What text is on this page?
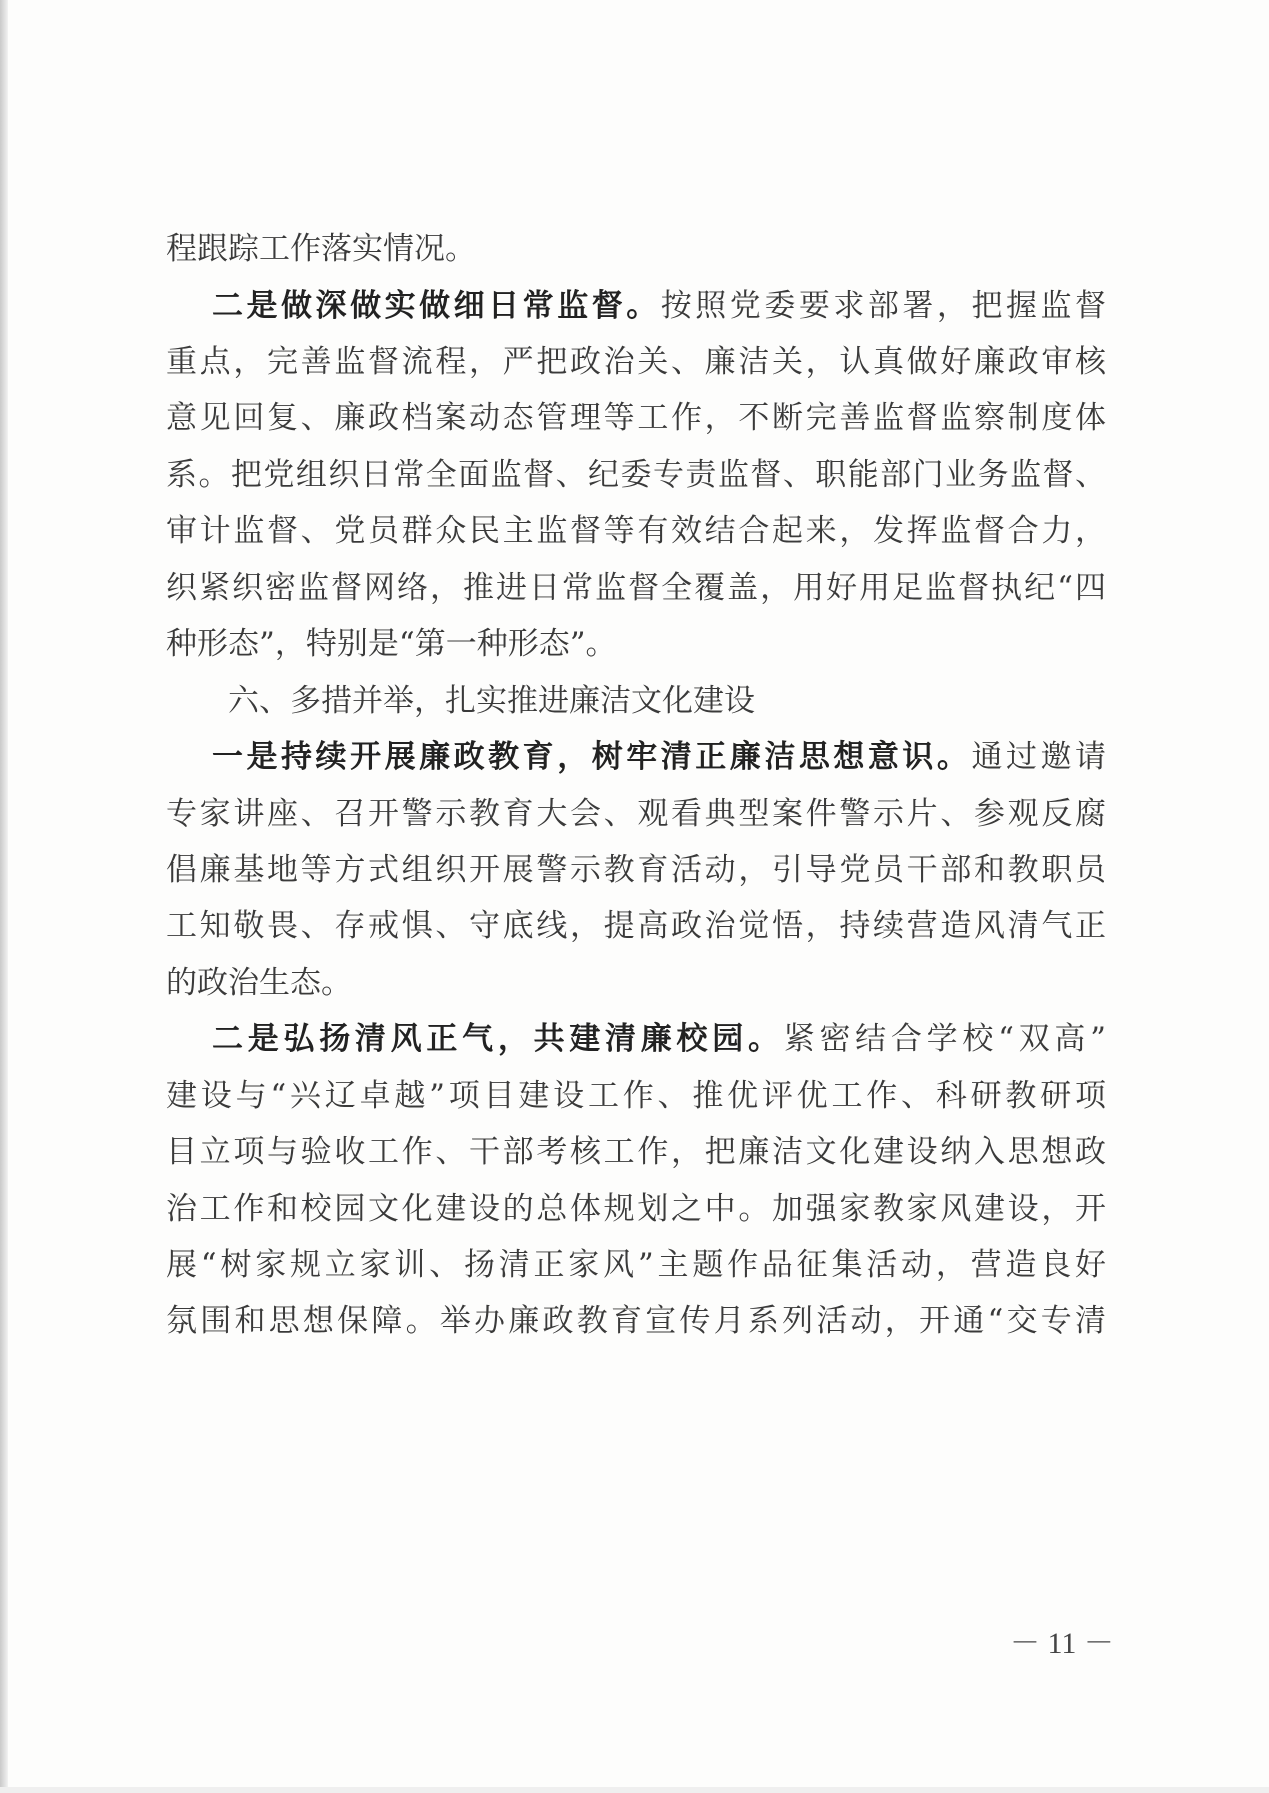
程跟踪工作落实情况。
二是做深做实做细日常监督。按照党委要求部署，把握监督
重点，完善监督流程，严把政治关、廉洁关，认真做好廉政审核
意见回复、廉政档案动态管理等工作，不断完善监督监察制度体
系。把党组织日常全面监督、纪委专责监督、职能部门业务监督、
审计监督、党员群众民主监督等有效结合起来，发挥监督合力，
织紧织密监督网络，推进日常监督全覆盖，用好用足监督执纪“四
种形态”，特别是“第一种形态”。
六、多措并举，扎实推进廉洁文化建设
一是持续开展廉政教育，树牢清正廉洁思想意识。通过邀请
专家讲座、召开警示教育大会、观看典型案件警示片、参观反腐
倡廉基地等方式组织开展警示教育活动，引导党员干部和教职员
工知敬畏、存戒惧、守底线，提高政治觉悟，持续营造风清气正
的政治生态。
二是弘扬清风正气，共建清廉校园。紧密结合学校“双高”
建设与“兴辽卓越”项目建设工作、推优评优工作、科研教研项
目立项与验收工作、干部考核工作，把廉洁文化建设纳入思想政
治工作和校园文化建设的总体规划之中。加强家教家风建设，开
展“树家规立家训、扬清正家风”主题作品征集活动，营造良好
氛围和思想保障。举办廉政教育宣传月系列活动，开通“交专清
－ 11 －
